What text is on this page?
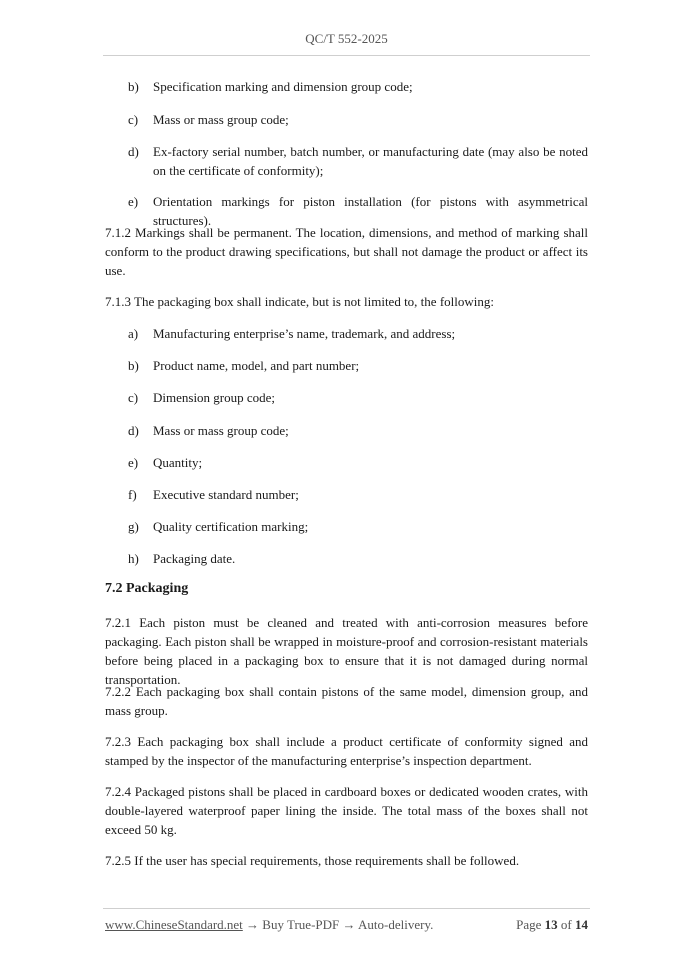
QC/T 552-2025
b)	Specification marking and dimension group code;
c)	Mass or mass group code;
d)	Ex-factory serial number, batch number, or manufacturing date (may also be noted on the certificate of conformity);
e)	Orientation markings for piston installation (for pistons with asymmetrical structures).
7.1.2 Markings shall be permanent. The location, dimensions, and method of marking shall conform to the product drawing specifications, but shall not damage the product or affect its use.
7.1.3 The packaging box shall indicate, but is not limited to, the following:
a)	Manufacturing enterprise’s name, trademark, and address;
b)	Product name, model, and part number;
c)	Dimension group code;
d)	Mass or mass group code;
e)	Quantity;
f)	Executive standard number;
g)	Quality certification marking;
h)	Packaging date.
7.2 Packaging
7.2.1 Each piston must be cleaned and treated with anti-corrosion measures before packaging. Each piston shall be wrapped in moisture-proof and corrosion-resistant materials before being placed in a packaging box to ensure that it is not damaged during normal transportation.
7.2.2 Each packaging box shall contain pistons of the same model, dimension group, and mass group.
7.2.3 Each packaging box shall include a product certificate of conformity signed and stamped by the inspector of the manufacturing enterprise’s inspection department.
7.2.4 Packaged pistons shall be placed in cardboard boxes or dedicated wooden crates, with double-layered waterproof paper lining the inside. The total mass of the boxes shall not exceed 50 kg.
7.2.5 If the user has special requirements, those requirements shall be followed.
www.ChineseStandard.net → Buy True-PDF → Auto-delivery.	Page 13 of 14
